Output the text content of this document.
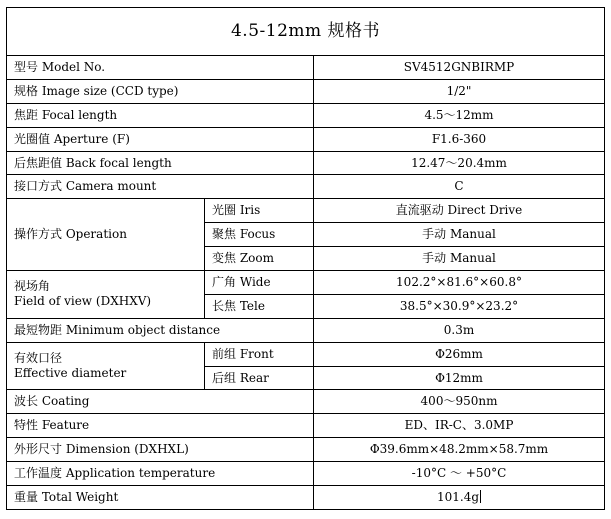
4.5-12mm 规格书		
型号 Model No.		SV4512GNBIRMP
规格 Image size (CCD type)		1/2"
焦距 Focal length		4.5～12mm
光圈值 Aperture (F)		F1.6-360
后焦距值 Back focal length		12.47～20.4mm
接口方式 Camera mount		C
操作方式 Operation	光圈 Iris	直流驱动 Direct Drive
	聚焦 Focus	手动 Manual
	变焦 Zoom	手动 Manual

视场角
Field of view (DXHXV)	广角 Wide	102.2°×81.6°×60.8°
	长焦 Tele	38.5°×30.9°×23.2°
最短物距 Minimum object distance		0.3m

有效口径
Effective diameter	前组 Front	Φ26mm
	后组 Rear	Φ12mm
波长 Coating		400～950nm
特性 Feature		ED、IR-C、3.0MP
外形尺寸 Dimension (DXHXL)		Φ39.6mm×48.2mm×58.7mm
工作温度 Application temperature		-10°C ～ +50°C
重量 Total Weight		101.4g
